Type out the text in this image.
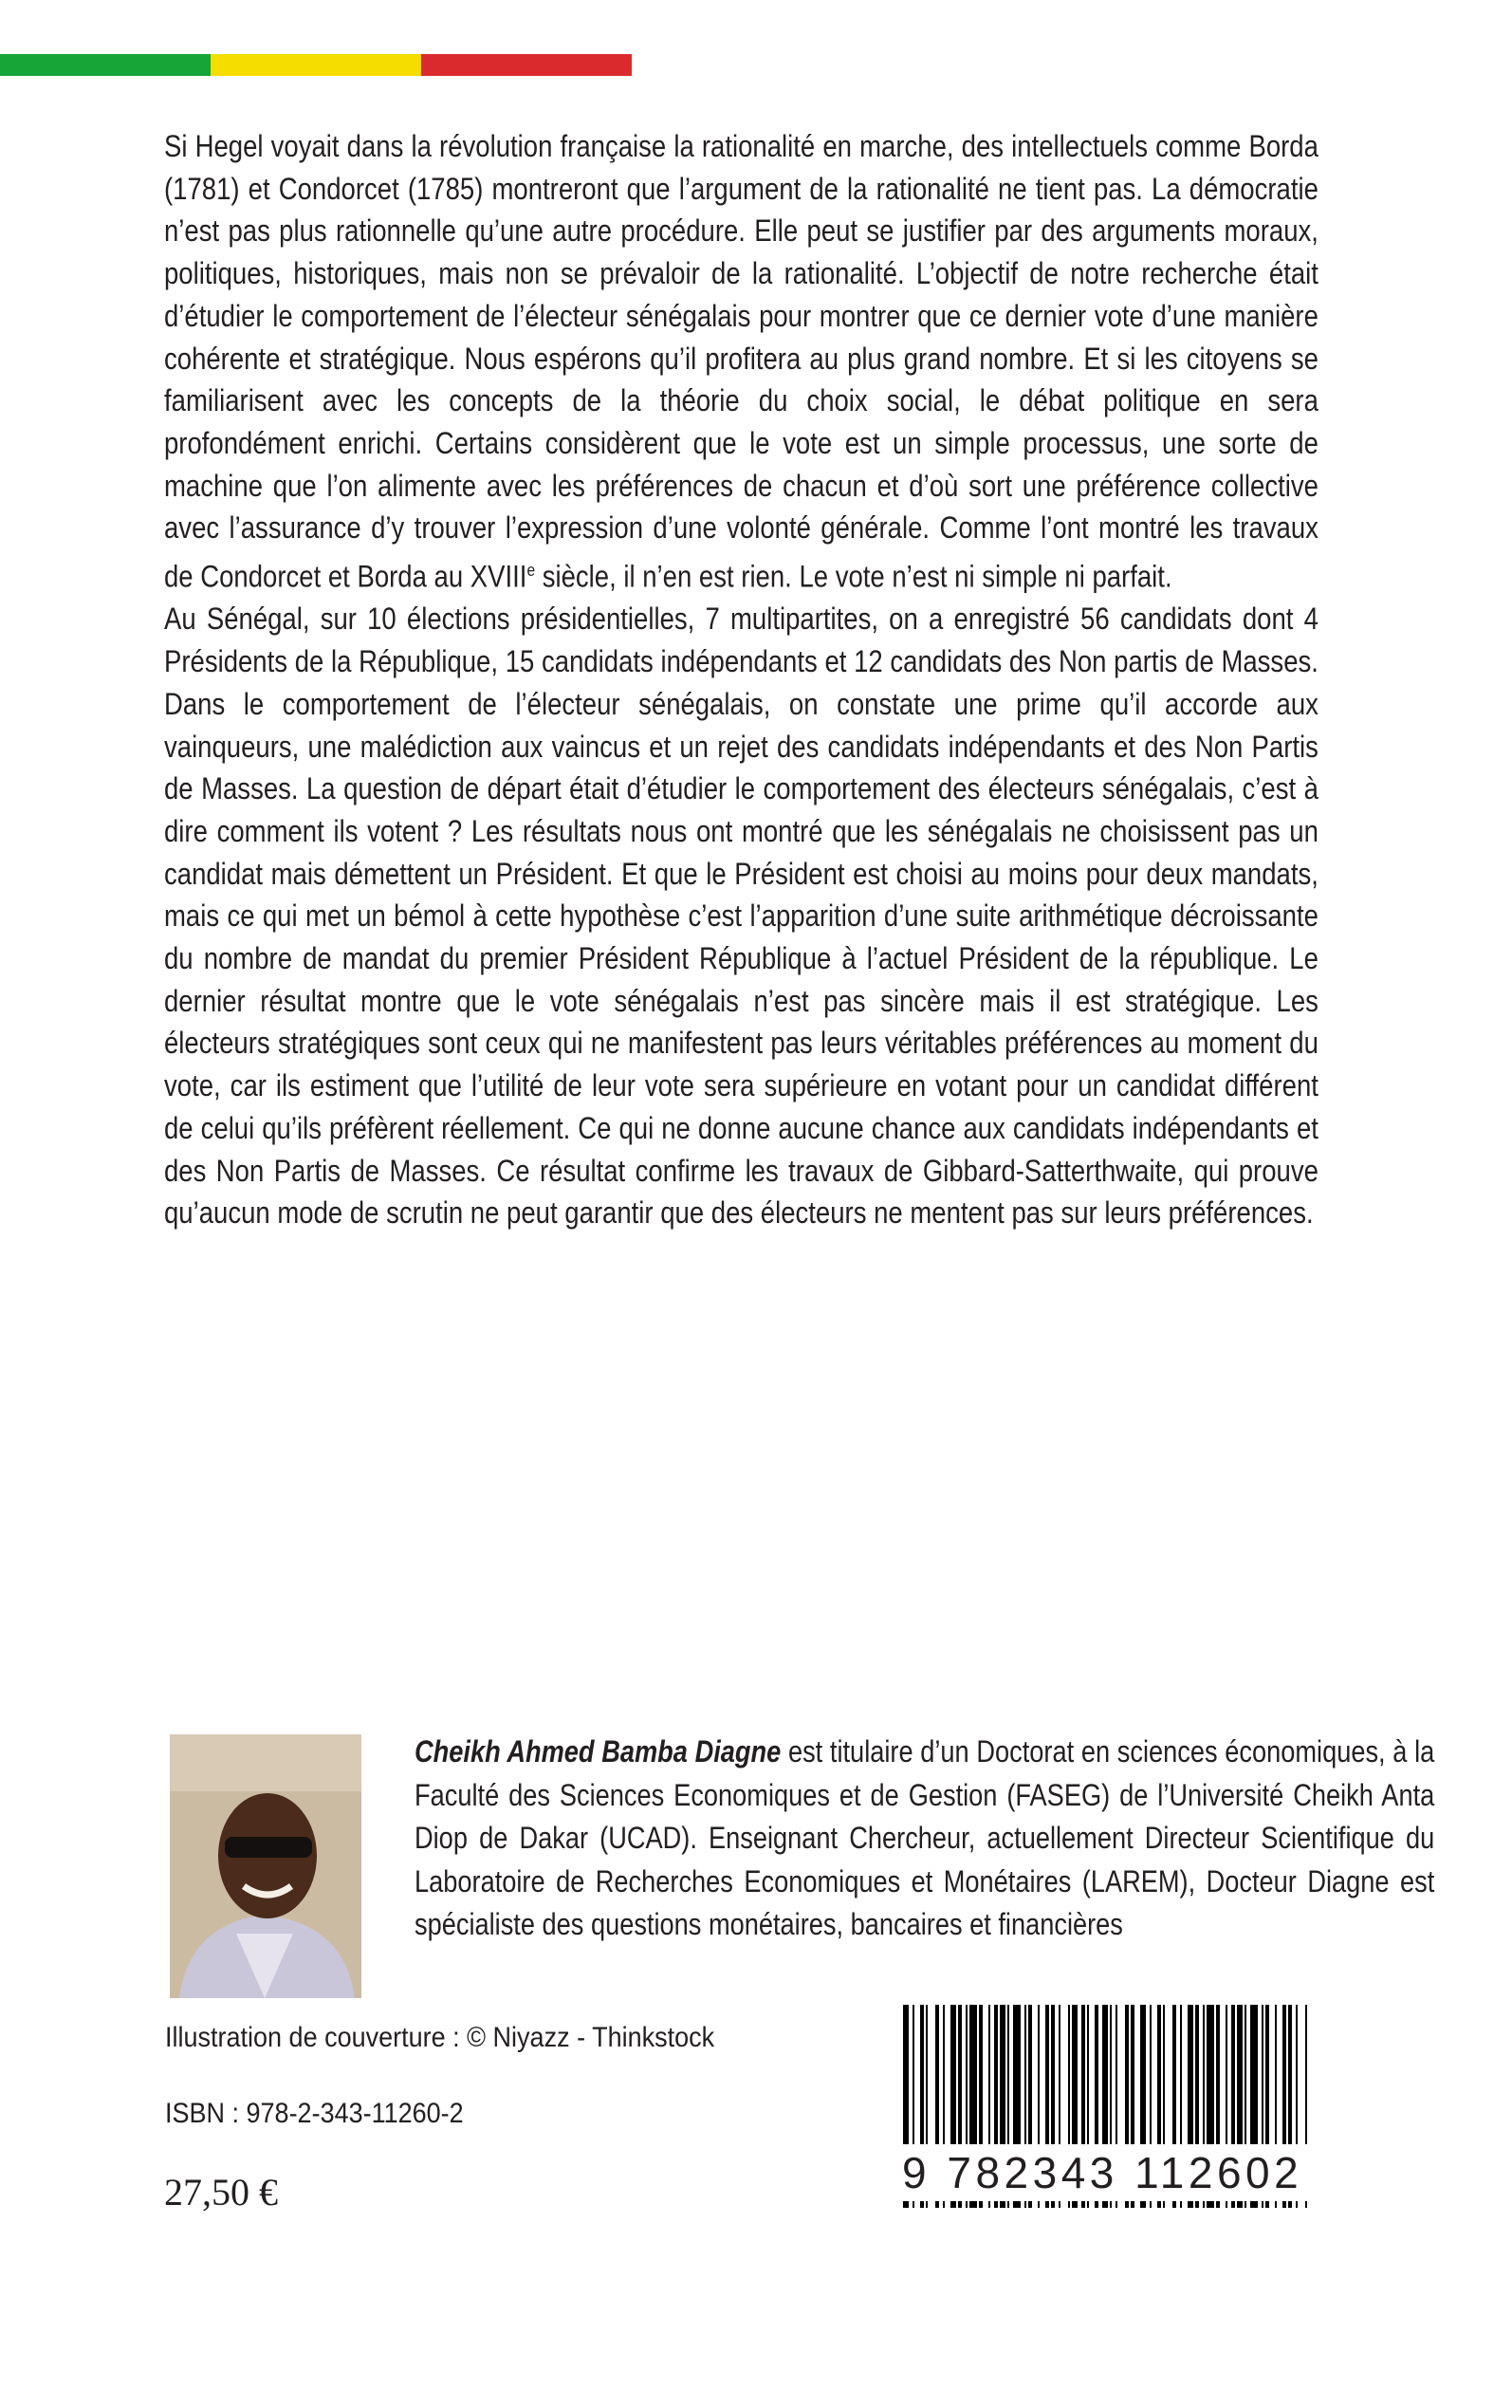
Si Hegel voyait dans la révolution française la rationalité en marche, des intellectuels comme Borda (1781) et Condorcet (1785) montreront que l’argument de la rationalité ne tient pas. La démocratie n’est pas plus rationnelle qu’une autre procédure. Elle peut se justifier par des arguments moraux, politiques, historiques, mais non se prévaloir de la rationalité. L’objectif de notre recherche était d’étudier le comportement de l’électeur sénégalais pour montrer que ce dernier vote d’une manière cohérente et stratégique. Nous espérons qu’il profitera au plus grand nombre. Et si les citoyens se familiarisent avec les concepts de la théorie du choix social, le débat politique en sera profondément enrichi. Certains considèrent que le vote est un simple processus, une sorte de machine que l’on alimente avec les préférences de chacun et d’où sort une préférence collective avec l’assurance d’y trouver l’expression d’une volonté générale. Comme l’ont montré les travaux de Condorcet et Borda au XVIIIe siècle, il n’en est rien. Le vote n’est ni simple ni parfait.

Au Sénégal, sur 10 élections présidentielles, 7 multipartites, on a enregistré 56 candidats dont 4 Présidents de la République, 15 candidats indépendants et 12 candidats des Non partis de Masses. Dans le comportement de l’électeur sénégalais, on constate une prime qu’il accorde aux vainqueurs, une malédiction aux vaincus et un rejet des candidats indépendants et des Non Partis de Masses. La question de départ était d’étudier le comportement des électeurs sénégalais, c’est à dire comment ils votent ? Les résultats nous ont montré que les sénégalais ne choisissent pas un candidat mais démettent un Président. Et que le Président est choisi au moins pour deux mandats, mais ce qui met un bémol à cette hypothèse c’est l’apparition d’une suite arithmétique décroissante du nombre de mandat du premier Président République à l’actuel Président de la république. Le dernier résultat montre que le vote sénégalais n’est pas sincère mais il est stratégique. Les électeurs stratégiques sont ceux qui ne manifestent pas leurs véritables préférences au moment du vote, car ils estiment que l’utilité de leur vote sera supérieure en votant pour un candidat différent de celui qu’ils préfèrent réellement. Ce qui ne donne aucune chance aux candidats indépendants et des Non Partis de Masses. Ce résultat confirme les travaux de Gibbard-Satterthwaite, qui prouve qu’aucun mode de scrutin ne peut garantir que des électeurs ne mentent pas sur leurs préférences.

Cheikh Ahmed Bamba Diagne est titulaire d’un Doctorat en sciences économiques, à la Faculté des Sciences Economiques et de Gestion (FASEG) de l’Université Cheikh Anta Diop de Dakar (UCAD). Enseignant Chercheur, actuellement Directeur Scientifique du Laboratoire de Recherches Economiques et Monétaires (LAREM), Docteur Diagne est spécialiste des questions monétaires, bancaires et financières

Illustration de couverture : © Niyazz - Thinkstock
ISBN : 978-2-343-11260-2
27,50 €	9 782343 112602
